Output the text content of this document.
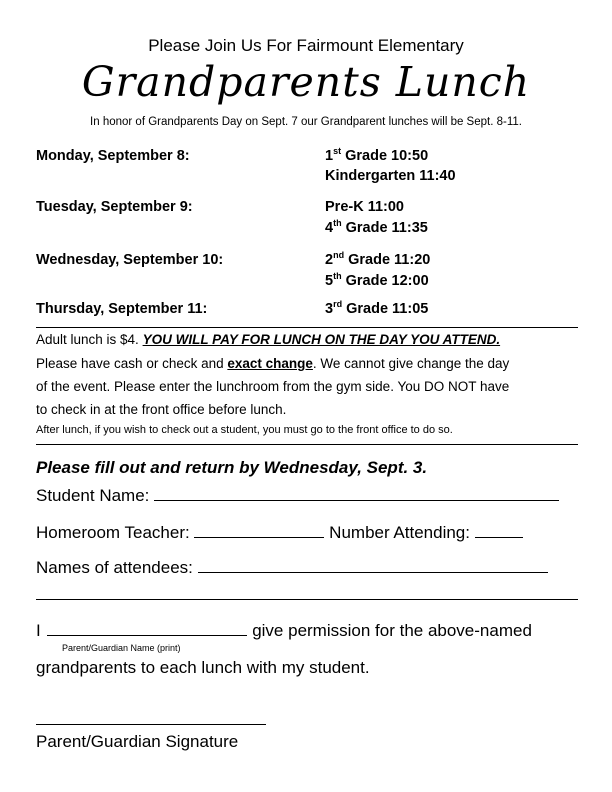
Please Join Us For Fairmount Elementary
Grandparents Lunch
In honor of Grandparents Day on Sept. 7 our Grandparent lunches will be Sept. 8-11.
Monday, September 8:	1st Grade 10:50
Kindergarten 11:40
Tuesday, September 9:	Pre-K 11:00
4th Grade 11:35
Wednesday, September 10:	2nd Grade 11:20
5th Grade 12:00
Thursday, September 11:	3rd Grade 11:05
Adult lunch is $4. YOU WILL PAY FOR LUNCH ON THE DAY YOU ATTEND.
Please have cash or check and exact change. We cannot give change the day
of the event. Please enter the lunchroom from the gym side. You DO NOT have
to check in at the front office before lunch.
After lunch, if you wish to check out a student, you must go to the front office to do so.
Please fill out and return by Wednesday, Sept. 3.
Student Name:
Homeroom Teacher:	Number Attending:
Names of attendees:
I	give permission for the above-named
Parent/Guardian Name (print)
grandparents to each lunch with my student.
Parent/Guardian Signature
